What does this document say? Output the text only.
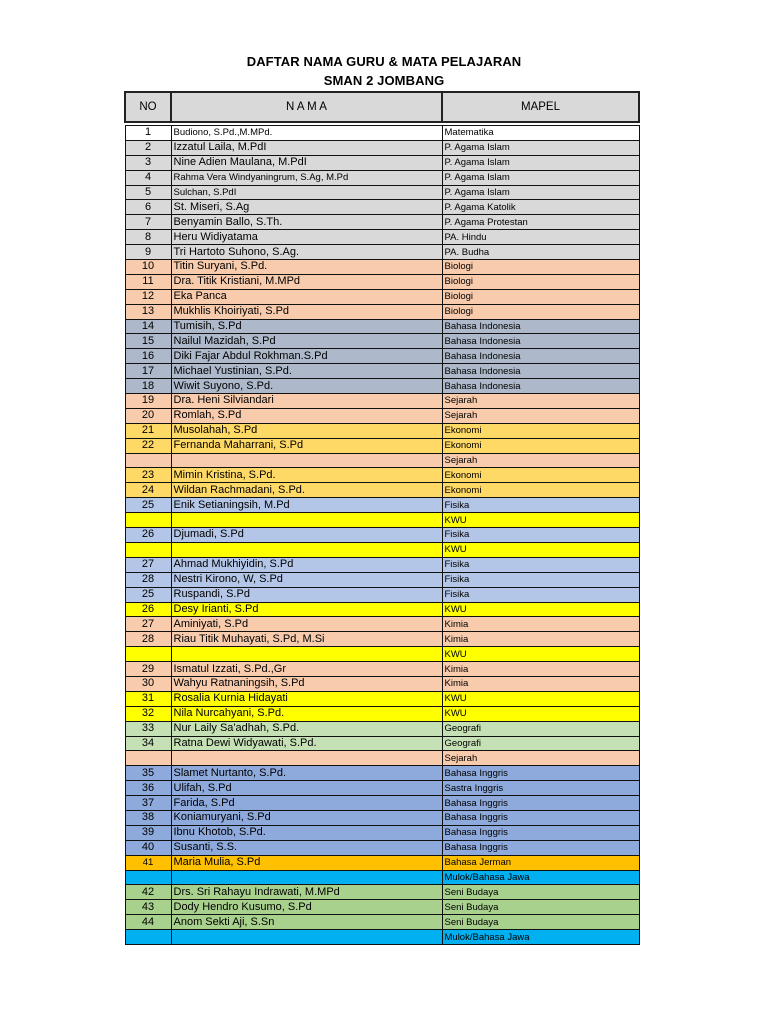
DAFTAR NAMA GURU & MATA PELAJARAN
SMAN 2 JOMBANG
NO	N A M A	MAPEL

1	Budiono, S.Pd.,M.MPd.	Matematika
2	Izzatul Laila, M.PdI	P. Agama Islam
3	Nine Adien Maulana, M.PdI	P. Agama Islam
4	Rahma Vera Windyaningrum, S.Ag, M.Pd	P. Agama Islam
5	Sulchan, S.PdI	P. Agama Islam
6	St. Miseri, S.Ag	P. Agama Katolik
7	Benyamin Ballo, S.Th.	P. Agama Protestan
8	Heru Widiyatama	PA. Hindu
9	Tri Hartoto Suhono, S.Ag.	PA. Budha
10	Titin Suryani, S.Pd.	Biologi
11	Dra. Titik Kristiani, M.MPd	Biologi
12	Eka Panca	Biologi
13	Mukhlis Khoiriyati, S.Pd	Biologi
14	Tumisih, S.Pd	Bahasa Indonesia
15	Nailul Mazidah, S.Pd	Bahasa Indonesia
16	Diki Fajar Abdul Rokhman.S.Pd	Bahasa Indonesia
17	Michael Yustinian, S.Pd.	Bahasa Indonesia
18	Wiwit Suyono, S.Pd.	Bahasa Indonesia
19	Dra. Heni Silviandari	Sejarah
20	Romlah, S.Pd	Sejarah
21	Musolahah, S.Pd	Ekonomi
22	Fernanda Maharrani, S.Pd	Ekonomi
		Sejarah
23	Mimin Kristina, S.Pd.	Ekonomi
24	Wildan Rachmadani, S.Pd.	Ekonomi
25	Enik Setianingsih, M.Pd	Fisika
		KWU
26	Djumadi, S.Pd	Fisika
		KWU
27	Ahmad Mukhiyidin, S.Pd	Fisika
28	Nestri Kirono, W, S.Pd	Fisika
25	Ruspandi, S.Pd	Fisika
26	Desy Irianti, S.Pd	KWU
27	Aminiyati, S.Pd	Kimia
28	Riau Titik Muhayati, S.Pd, M.Si	Kimia
		KWU
29	Ismatul Izzati, S.Pd.,Gr	Kimia
30	Wahyu Ratnaningsih, S.Pd	Kimia
31	Rosalia Kurnia Hidayati	KWU
32	Nila Nurcahyani, S.Pd.	KWU
33	Nur Laily Sa'adhah, S.Pd.	Geografi
34	Ratna Dewi Widyawati, S.Pd.	Geografi
		Sejarah
35	Slamet Nurtanto, S.Pd.	Bahasa Inggris
36	Ulifah, S.Pd	Sastra Inggris
37	Farida, S.Pd	Bahasa Inggris
38	Koniamuryani, S.Pd	Bahasa Inggris
39	Ibnu Khotob, S.Pd.	Bahasa Inggris
40	Susanti, S.S.	Bahasa Inggris
41	Maria Mulia, S.Pd	Bahasa Jerman
		Mulok/Bahasa Jawa
42	Drs. Sri Rahayu Indrawati, M.MPd	Seni Budaya
43	Dody Hendro Kusumo, S.Pd	Seni Budaya
44	Anom Sekti Aji, S.Sn	Seni Budaya
		Mulok/Bahasa Jawa
